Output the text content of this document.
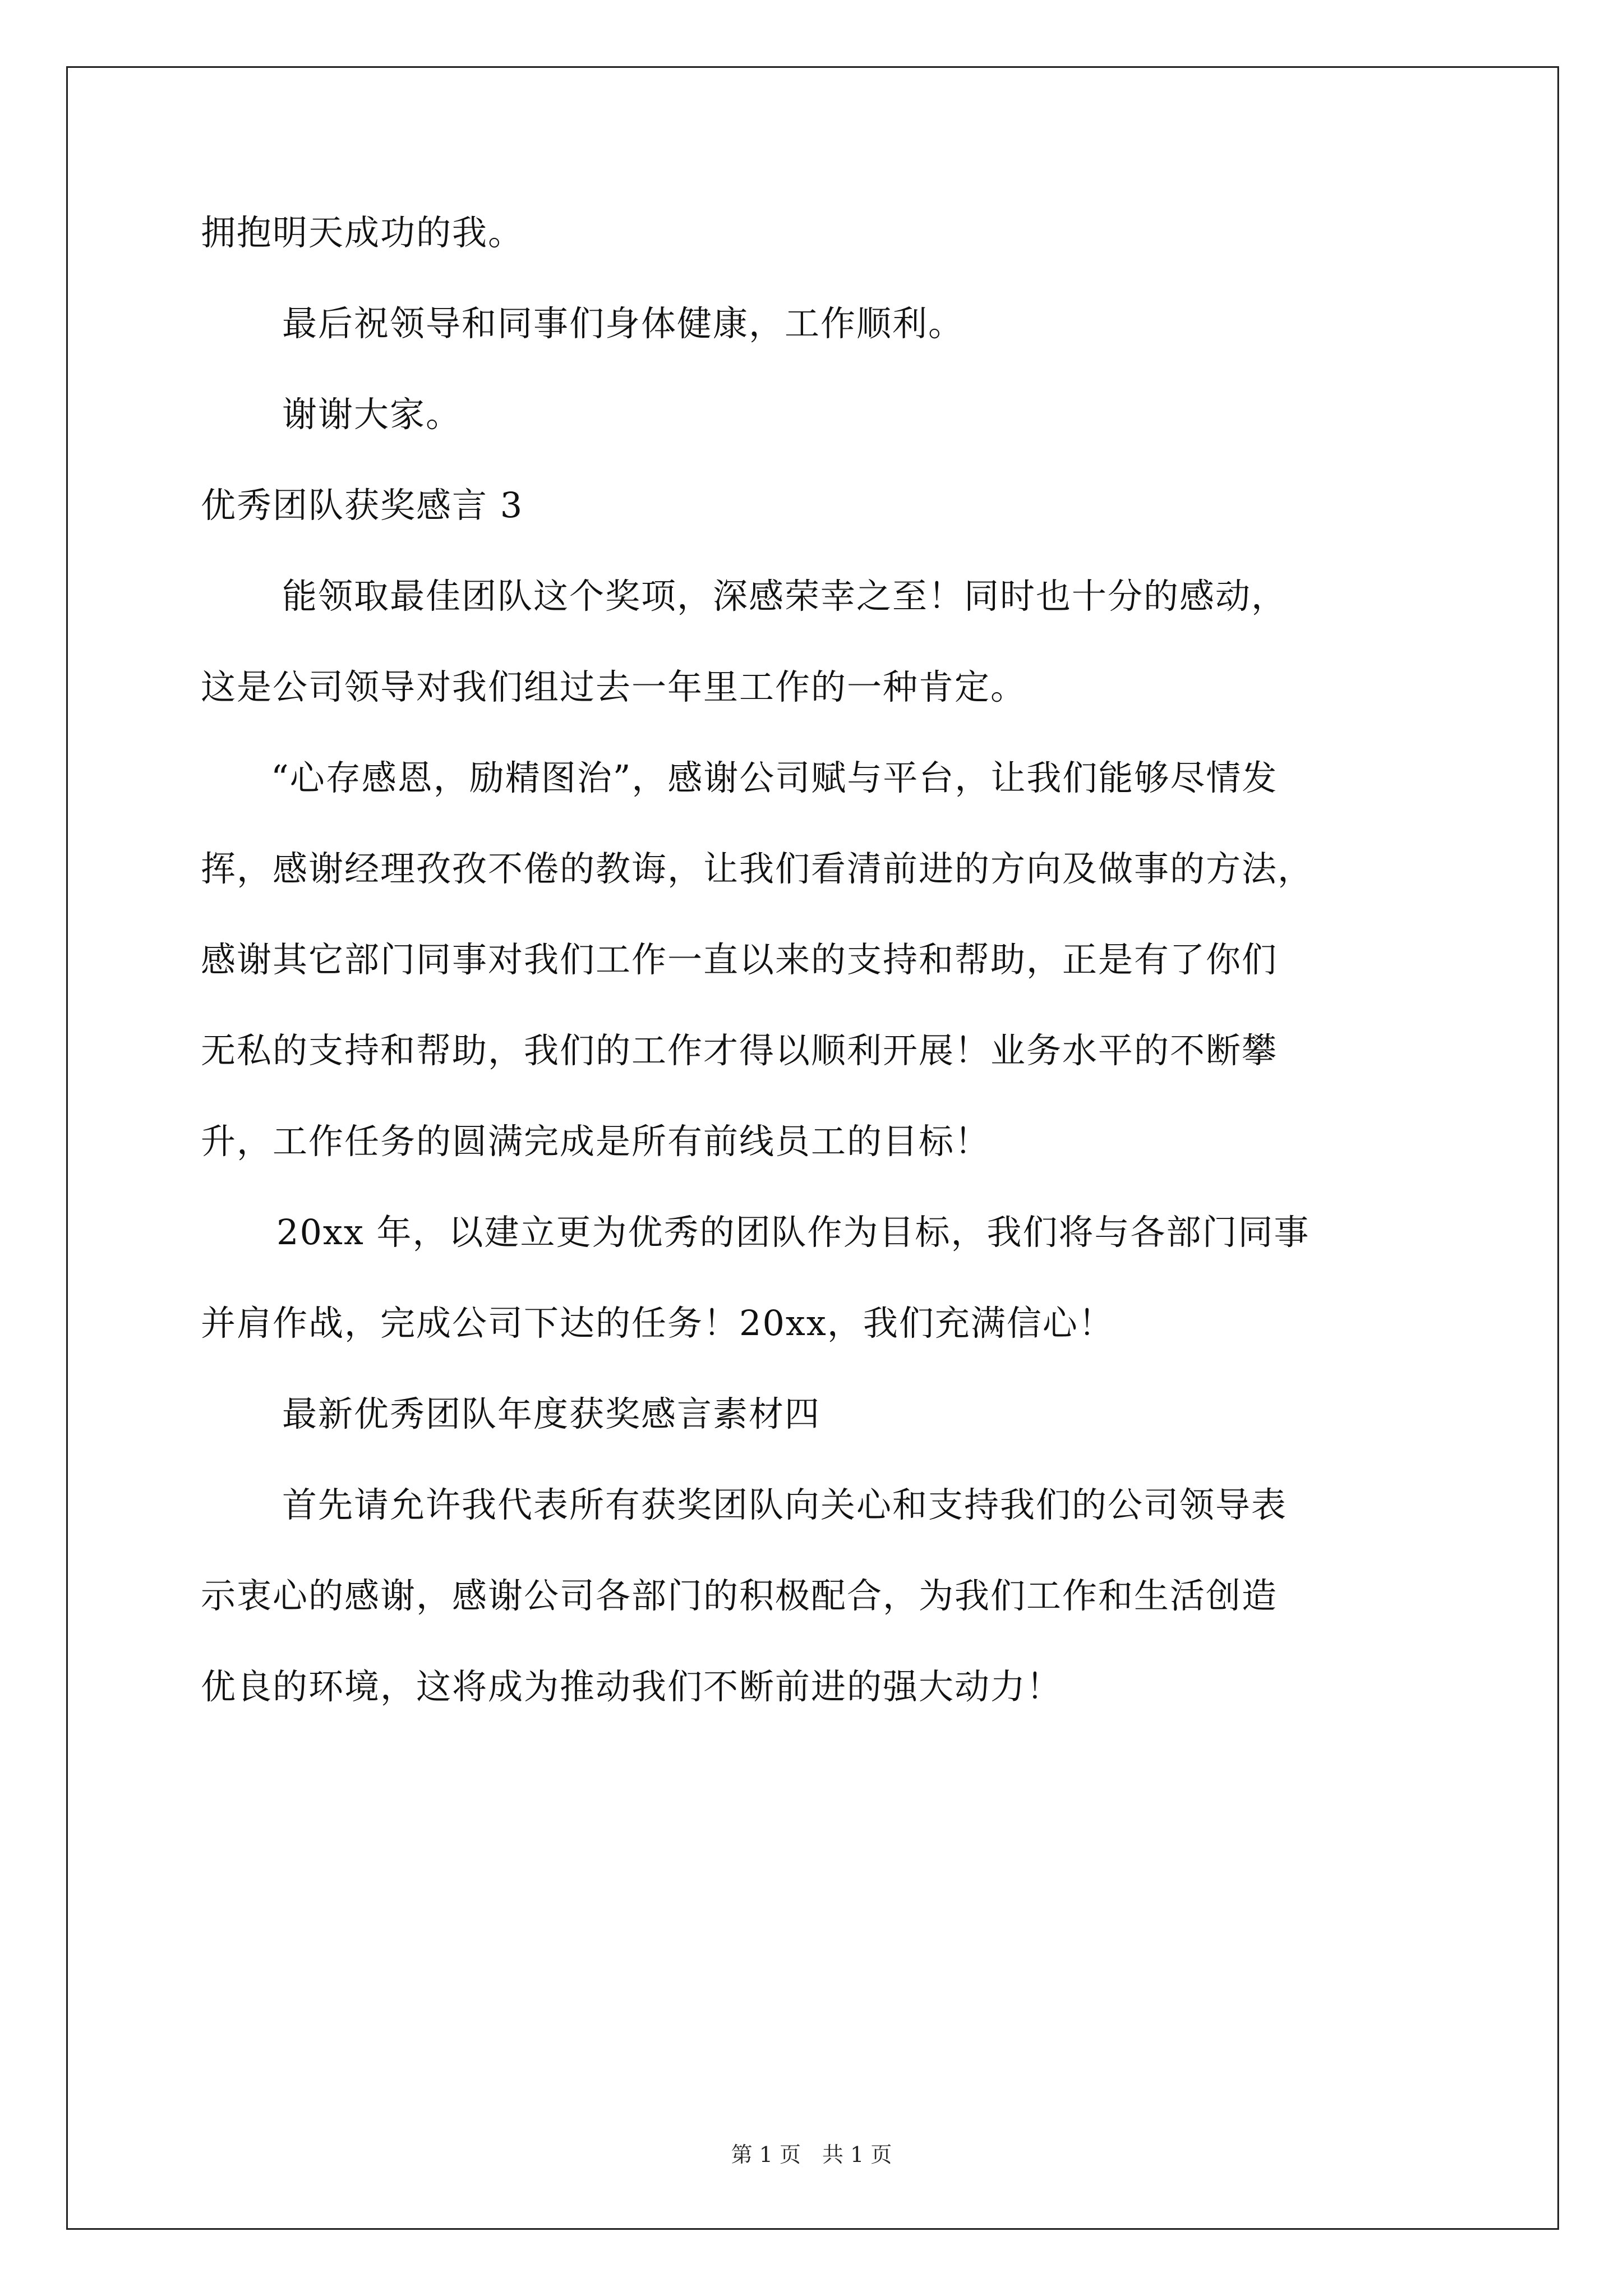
拥抱明天成功的我。
最后祝领导和同事们身体健康，工作顺利。
谢谢大家。
优秀团队获奖感言 3
能领取最佳团队这个奖项，深感荣幸之至！同时也十分的感动，
这是公司领导对我们组过去一年里工作的一种肯定。
“心存感恩，励精图治”，感谢公司赋与平台，让我们能够尽情发
挥，感谢经理孜孜不倦的教诲，让我们看清前进的方向及做事的方法，
感谢其它部门同事对我们工作一直以来的支持和帮助，正是有了你们
无私的支持和帮助，我们的工作才得以顺利开展！业务水平的不断攀
升，工作任务的圆满完成是所有前线员工的目标！
20xx 年，以建立更为优秀的团队作为目标，我们将与各部门同事
并肩作战，完成公司下达的任务！20xx，我们充满信心！
最新优秀团队年度获奖感言素材四
首先请允许我代表所有获奖团队向关心和支持我们的公司领导表
示衷心的感谢，感谢公司各部门的积极配合，为我们工作和生活创造
优良的环境，这将成为推动我们不断前进的强大动力！
第 1 页　共 1 页
